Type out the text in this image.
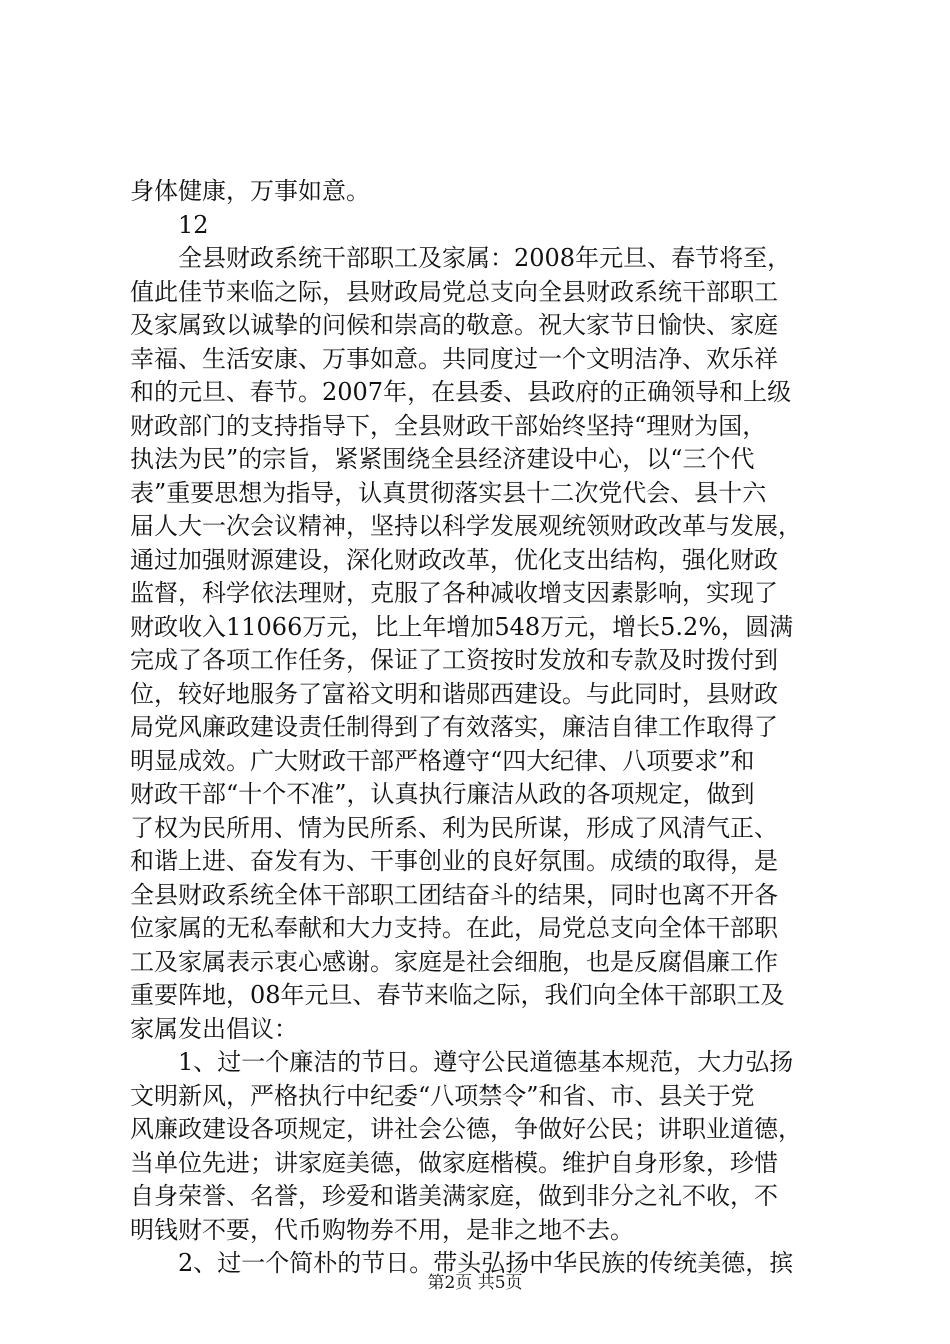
身体健康，万事如意。
12
全县财政系统干部职工及家属：2008年元旦、春节将至，
值此佳节来临之际，县财政局党总支向全县财政系统干部职工
及家属致以诚挚的问候和崇高的敬意。祝大家节日愉快、家庭
幸福、生活安康、万事如意。共同度过一个文明洁净、欢乐祥
和的元旦、春节。2007年，在县委、县政府的正确领导和上级
财政部门的支持指导下，全县财政干部始终坚持“理财为国，
执法为民”的宗旨，紧紧围绕全县经济建设中心，以“三个代
表”重要思想为指导，认真贯彻落实县十二次党代会、县十六
届人大一次会议精神，坚持以科学发展观统领财政改革与发展，
通过加强财源建设，深化财政改革，优化支出结构，强化财政
监督，科学依法理财，克服了各种减收增支因素影响，实现了
财政收入11066万元，比上年增加548万元，增长5.2%，圆满
完成了各项工作任务，保证了工资按时发放和专款及时拨付到
位，较好地服务了富裕文明和谐郧西建设。与此同时，县财政
局党风廉政建设责任制得到了有效落实，廉洁自律工作取得了
明显成效。广大财政干部严格遵守“四大纪律、八项要求”和
财政干部“十个不准”，认真执行廉洁从政的各项规定，做到
了权为民所用、情为民所系、利为民所谋，形成了风清气正、
和谐上进、奋发有为、干事创业的良好氛围。成绩的取得，是
全县财政系统全体干部职工团结奋斗的结果，同时也离不开各
位家属的无私奉献和大力支持。在此，局党总支向全体干部职
工及家属表示衷心感谢。家庭是社会细胞，也是反腐倡廉工作
重要阵地，08年元旦、春节来临之际，我们向全体干部职工及
家属发出倡议：
1、过一个廉洁的节日。遵守公民道德基本规范，大力弘扬
文明新风，严格执行中纪委“八项禁令”和省、市、县关于党
风廉政建设各项规定，讲社会公德，争做好公民；讲职业道德，
当单位先进；讲家庭美德，做家庭楷模。维护自身形象，珍惜
自身荣誉、名誉，珍爱和谐美满家庭，做到非分之礼不收，不
明钱财不要，代币购物券不用，是非之地不去。
2、过一个简朴的节日。带头弘扬中华民族的传统美德，摈
第2页 共5页
